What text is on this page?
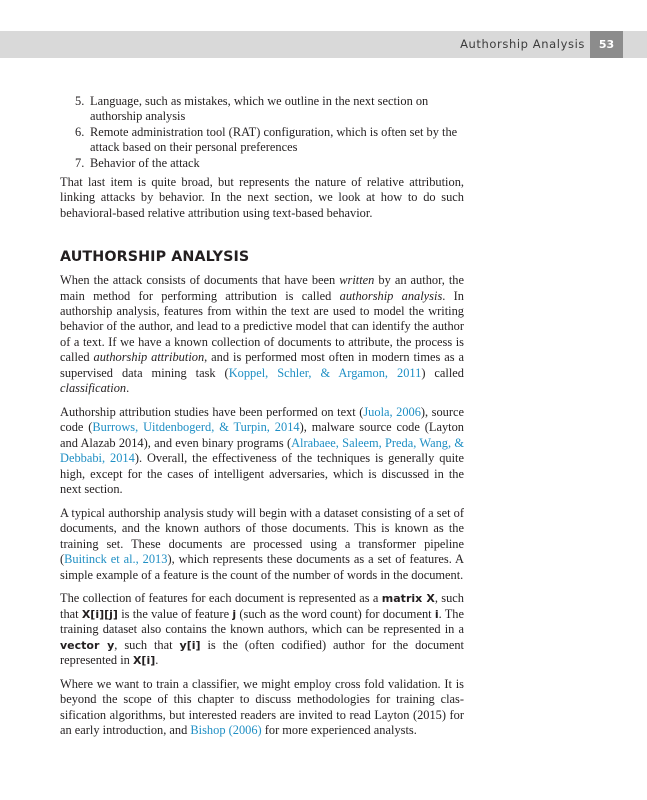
Authorship Analysis	53
5. Language, such as mistakes, which we outline in the next section on authorship analysis
6. Remote administration tool (RAT) configuration, which is often set by the attack based on their personal preferences
7. Behavior of the attack

That last item is quite broad, but represents the nature of relative attribution, linking attacks by behavior. In the next section, we look at how to do such behavioral-based relative attribution using text-based behavior.

AUTHORSHIP ANALYSIS

When the attack consists of documents that have been written by an author, the main method for performing attribution is called authorship analysis. In authorship analysis, features from within the text are used to model the writing behavior of the author, and lead to a predictive model that can identify the author of a text. If we have a known collection of documents to attribute, the process is called authorship attribution, and is performed most often in modern times as a supervised data mining task (Koppel, Schler, & Argamon, 2011) called classification.

Authorship attribution studies have been performed on text (Juola, 2006), source code (Burrows, Uitdenbogerd, & Turpin, 2014), malware source code (Layton and Alazab 2014), and even binary programs (Alrabaee, Saleem, Preda, Wang, & Debbabi, 2014). Overall, the effectiveness of the techniques is generally quite high, except for the cases of intelligent adversaries, which is discussed in the next section.

A typical authorship analysis study will begin with a dataset consisting of a set of documents, and the known authors of those documents. This is known as the training set. These documents are processed using a transformer pipeline (Buitinck et al., 2013), which represents these documents as a set of features. A simple example of a feature is the count of the number of words in the document.

The collection of features for each document is represented as a matrix X, such that X[i][j] is the value of feature j (such as the word count) for document i. The training dataset also contains the known authors, which can be represented in a vector y, such that y[i] is the (often codified) author for the document represented in X[i].

Where we want to train a classifier, we might employ cross fold validation. It is beyond the scope of this chapter to discuss methodologies for training classification algorithms, but interested readers are invited to read Layton (2015) for an early introduction, and Bishop (2006) for more experienced analysts.
